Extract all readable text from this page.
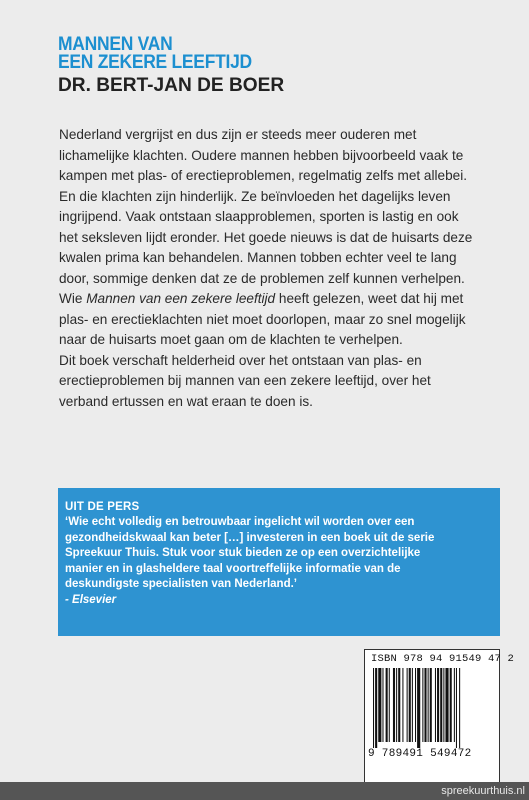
MANNEN VAN
EEN ZEKERE LEEFTIJD
DR. BERT-JAN DE BOER
Nederland vergrijst en dus zijn er steeds meer ouderen met
lichamelijke klachten. Oudere mannen hebben bijvoorbeeld vaak te
kampen met plas- of erectieproblemen, regelmatig zelfs met allebei.
En die klachten zijn hinderlijk. Ze beïnvloeden het dagelijks leven
ingrijpend. Vaak ontstaan slaapproblemen, sporten is lastig en ook
het seksleven lijdt eronder. Het goede nieuws is dat de huisarts deze
kwalen prima kan behandelen. Mannen tobben echter veel te lang
door, sommige denken dat ze de problemen zelf kunnen verhelpen.
Wie Mannen van een zekere leeftijd heeft gelezen, weet dat hij met
plas- en erectieklachten niet moet doorlopen, maar zo snel mogelijk
naar de huisarts moet gaan om de klachten te verhelpen.
Dit boek verschaft helderheid over het ontstaan van plas- en
erectieproblemen bij mannen van een zekere leeftijd, over het
verband ertussen en wat eraan te doen is.
UIT DE PERS
‘Wie echt volledig en betrouwbaar ingelicht wil worden over een
gezondheidskwaal kan beter […] investeren in een boek uit de serie
Spreekuur Thuis. Stuk voor stuk bieden ze op een overzichtelijke
manier en in glasheldere taal voortreffelijke informatie van de
deskundigste specialisten van Nederland.’
- Elsevier
ISBN 978 94 91549 47 2
9 789491 549472
spreekuurthuis.nl
